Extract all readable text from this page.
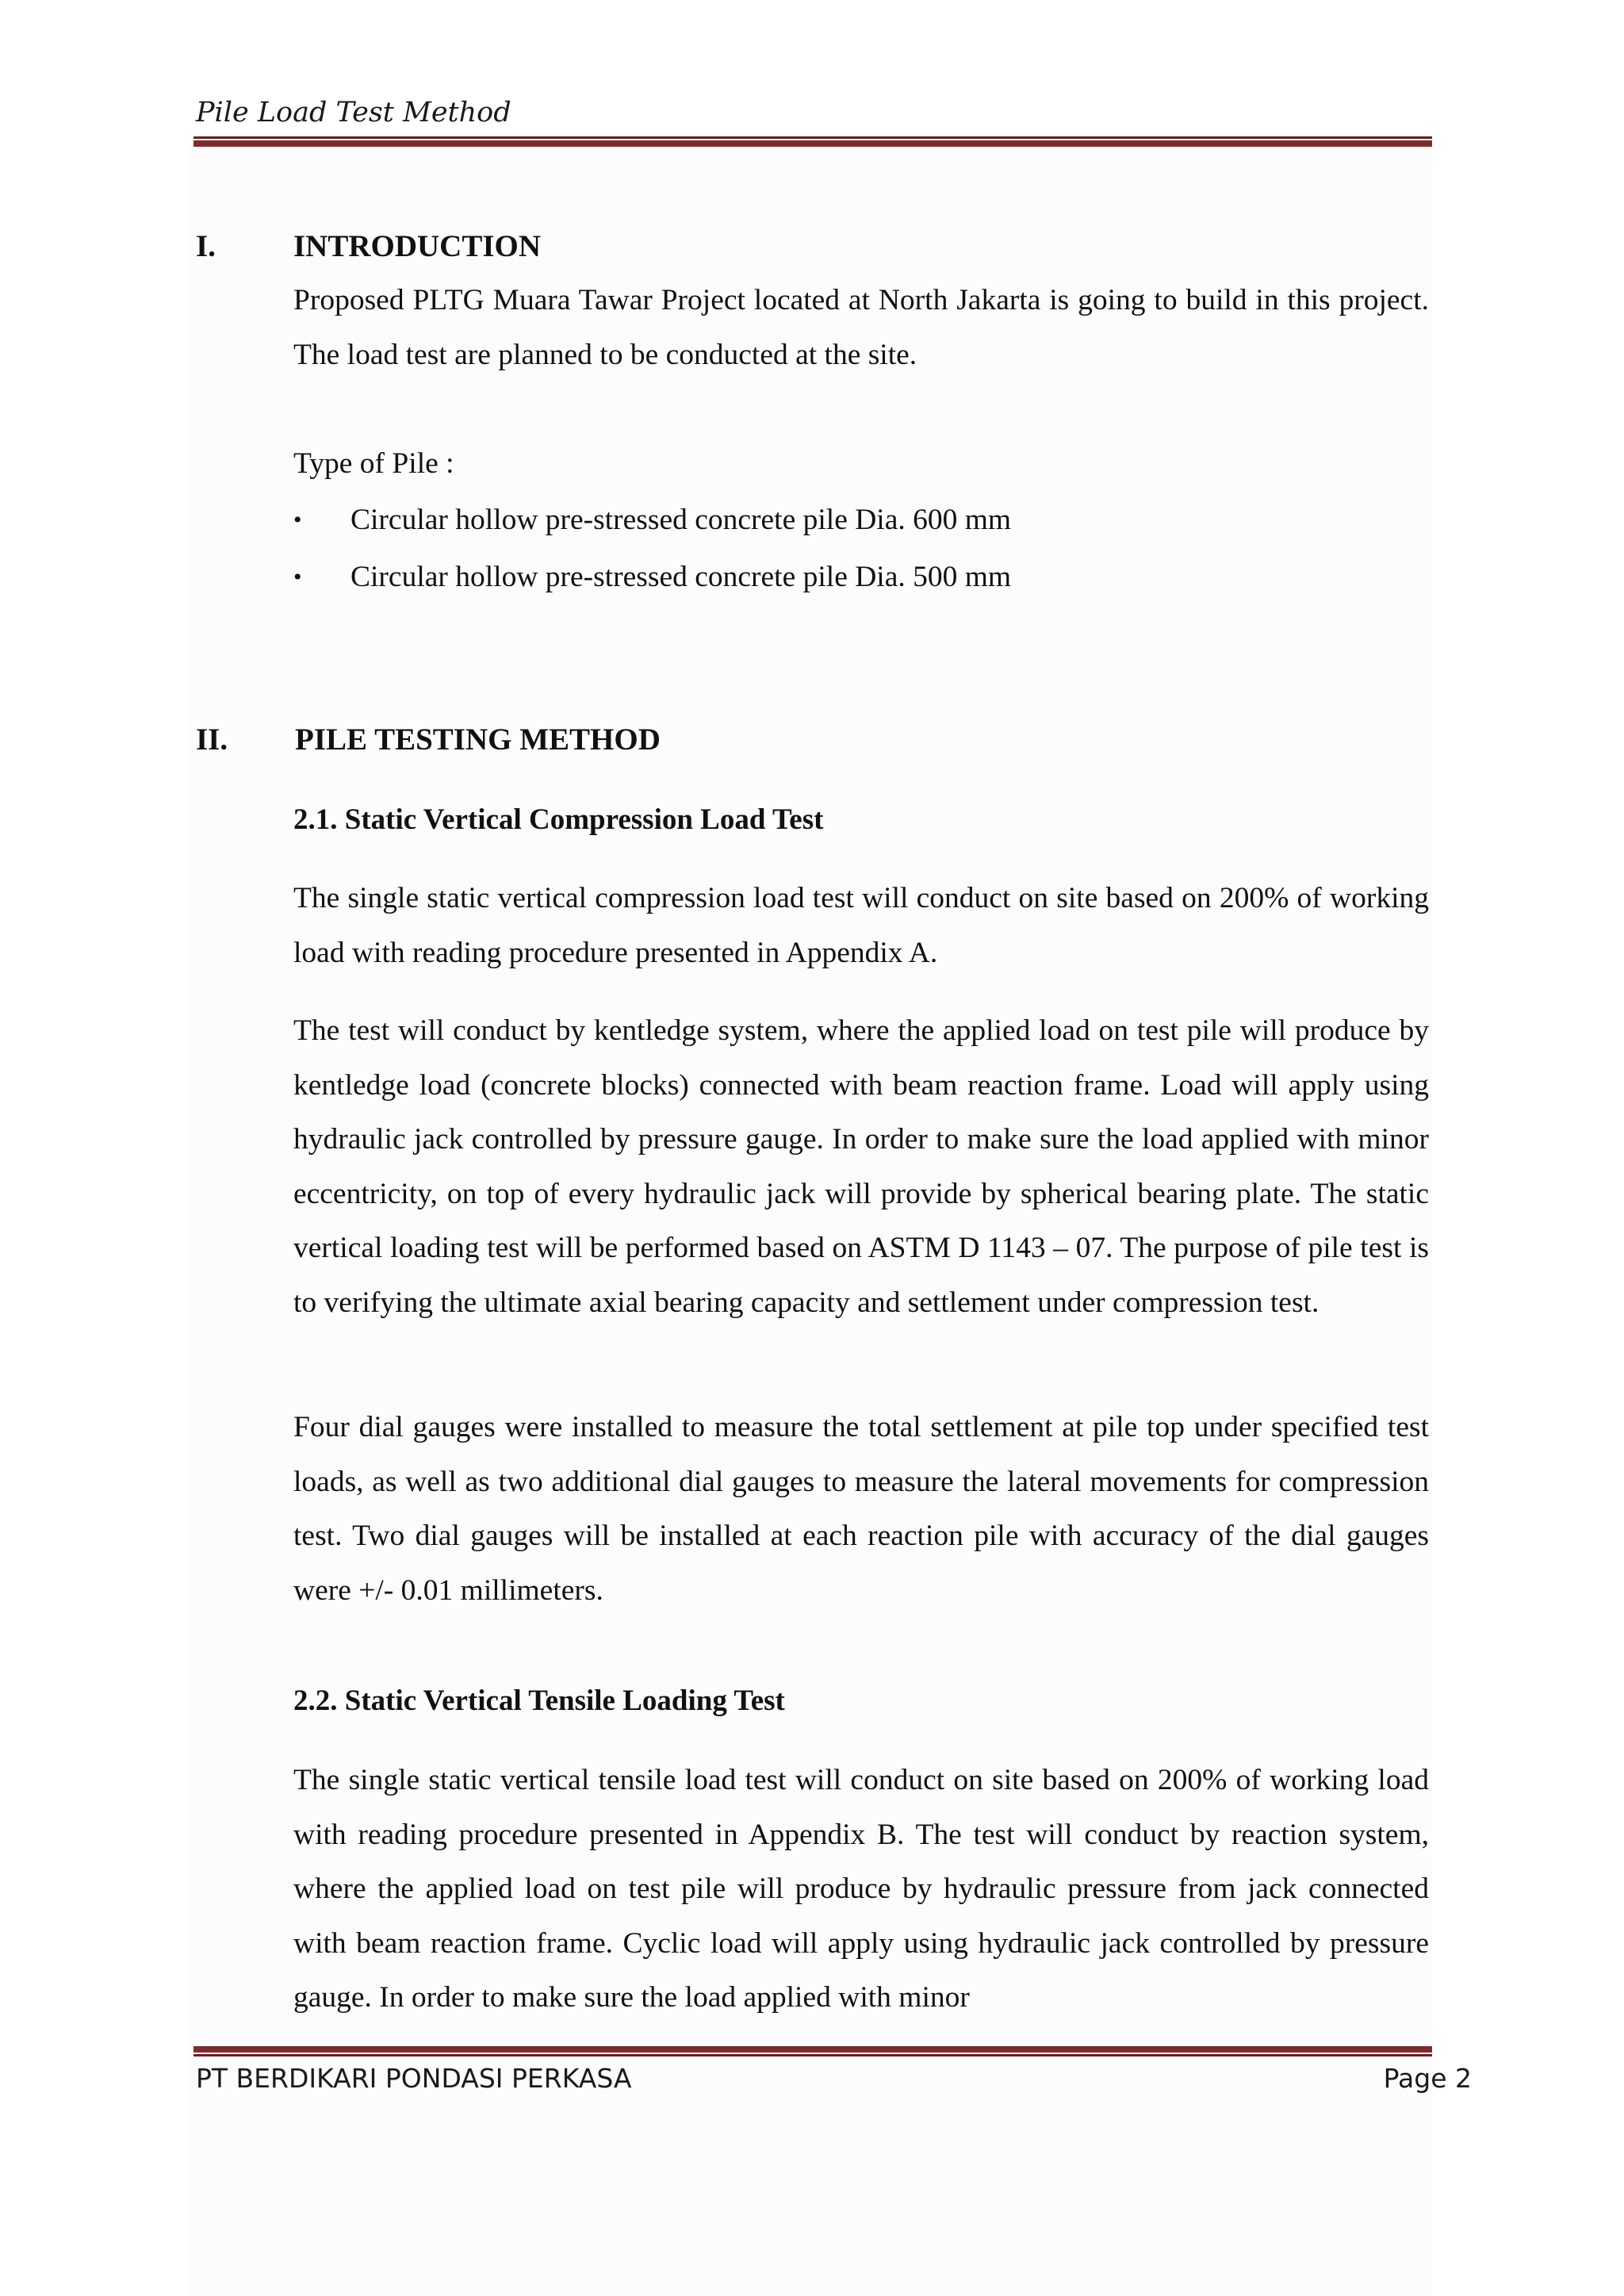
Pile Load Test Method
I.	INTRODUCTION
Proposed PLTG Muara Tawar Project located at North Jakarta is going to build in this project. The load test are planned to be conducted at the site.
Type of Pile :
• Circular hollow pre-stressed concrete pile Dia. 600 mm
• Circular hollow pre-stressed concrete pile Dia. 500 mm
II. PILE TESTING METHOD
2.1. Static Vertical Compression Load Test
The single static vertical compression load test will conduct on site based on 200% of working load with reading procedure presented in Appendix A.
The test will conduct by kentledge system, where the applied load on test pile will produce by kentledge load (concrete blocks) connected with beam reaction frame. Load will apply using hydraulic jack controlled by pressure gauge. In order to make sure the load applied with minor eccentricity, on top of every hydraulic jack will provide by spherical bearing plate. The static vertical loading test will be performed based on ASTM D 1143 – 07. The purpose of pile test is to verifying the ultimate axial bearing capacity and settlement under compression test.
Four dial gauges were installed to measure the total settlement at pile top under specified test loads, as well as two additional dial gauges to measure the lateral movements for compression test. Two dial gauges will be installed at each reaction pile with accuracy of the dial gauges were +/- 0.01 millimeters.
2.2. Static Vertical Tensile Loading Test
The single static vertical tensile load test will conduct on site based on 200% of working load with reading procedure presented in Appendix B. The test will conduct by reaction system, where the applied load on test pile will produce by hydraulic pressure from jack connected with beam reaction frame. Cyclic load will apply using hydraulic jack controlled by pressure gauge. In order to make sure the load applied with minor
PT BERDIKARI PONDASI PERKASA	Page 2
